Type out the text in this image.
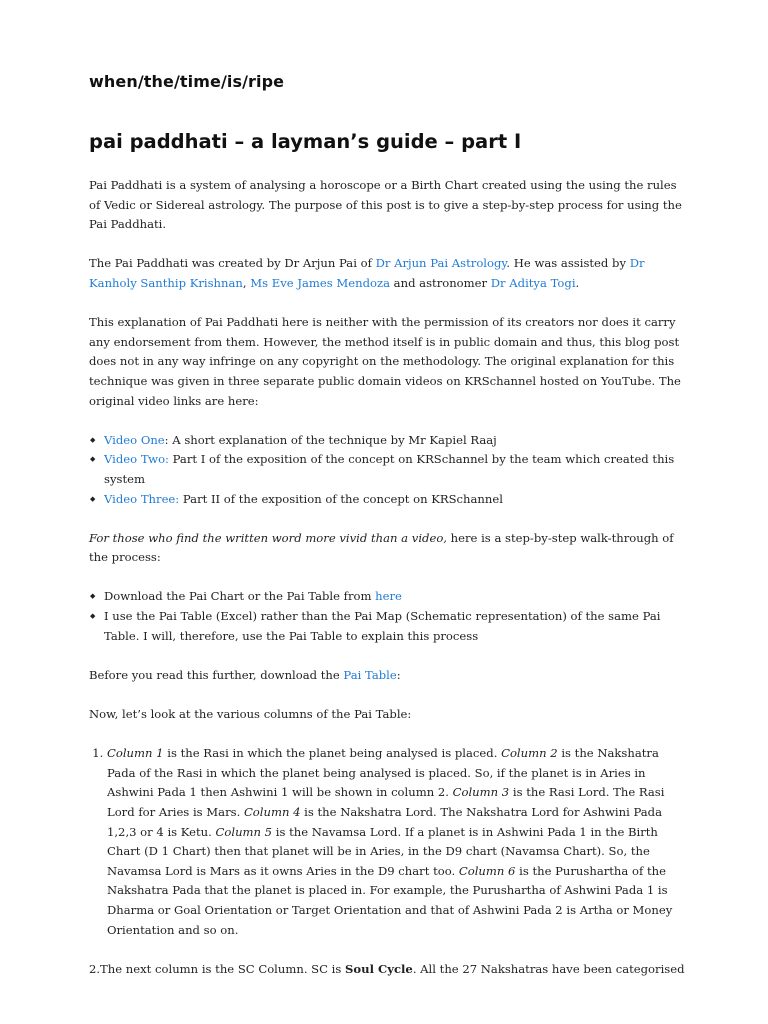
when/the/time/is/ripe
pai paddhati – a layman’s guide – part I

Pai Paddhati is a system of analysing a horoscope or a Birth Chart created using the using the rules of Vedic or Sidereal astrology. The purpose of this post is to give a step-by-step process for using the Pai Paddhati.

The Pai Paddhati was created by Dr Arjun Pai of Dr Arjun Pai Astrology. He was assisted by Dr Kanholy Santhip Krishnan, Ms Eve James Mendoza and astronomer Dr Aditya Togi.

This explanation of Pai Paddhati here is neither with the permission of its creators nor does it carry any endorsement from them. However, the method itself is in public domain and thus, this blog post does not in any way infringe on any copyright on the methodology. The original explanation for this technique was given in three separate public domain videos on KRSchannel hosted on YouTube. The original video links are here:

◆ Video One: A short explanation of the technique by Mr Kapiel Raaj
◆ Video Two: Part I of the exposition of the concept on KRSchannel by the team which created this system
◆ Video Three: Part II of the exposition of the concept on KRSchannel

For those who find the written word more vivid than a video, here is a step-by-step walk-through of the process:

◆ Download the Pai Chart or the Pai Table from here
◆ I use the Pai Table (Excel) rather than the Pai Map (Schematic representation) of the same Pai Table. I will, therefore, use the Pai Table to explain this process

Before you read this further, download the Pai Table:

Now, let’s look at the various columns of the Pai Table:

1. Column 1 is the Rasi in which the planet being analysed is placed. Column 2 is the Nakshatra Pada of the Rasi in which the planet being analysed is placed. So, if the planet is in Aries in Ashwini Pada 1 then Ashwini 1 will be shown in column 2. Column 3 is the Rasi Lord. The Rasi Lord for Aries is Mars. Column 4 is the Nakshatra Lord. The Nakshatra Lord for Ashwini Pada 1,2,3 or 4 is Ketu. Column 5 is the Navamsa Lord. If a planet is in Ashwini Pada 1 in the Birth Chart (D 1 Chart) then that planet will be in Aries, in the D9 chart (Navamsa Chart). So, the Navamsa Lord is Mars as it owns Aries in the D9 chart too. Column 6 is the Purushartha of the Nakshatra Pada that the planet is placed in. For example, the Purushartha of Ashwini Pada 1 is Dharma or Goal Orientation or Target Orientation and that of Ashwini Pada 2 is Artha or Money Orientation and so on.

2.The next column is the SC Column. SC is Soul Cycle. All the 27 Nakshatras have been categorised
